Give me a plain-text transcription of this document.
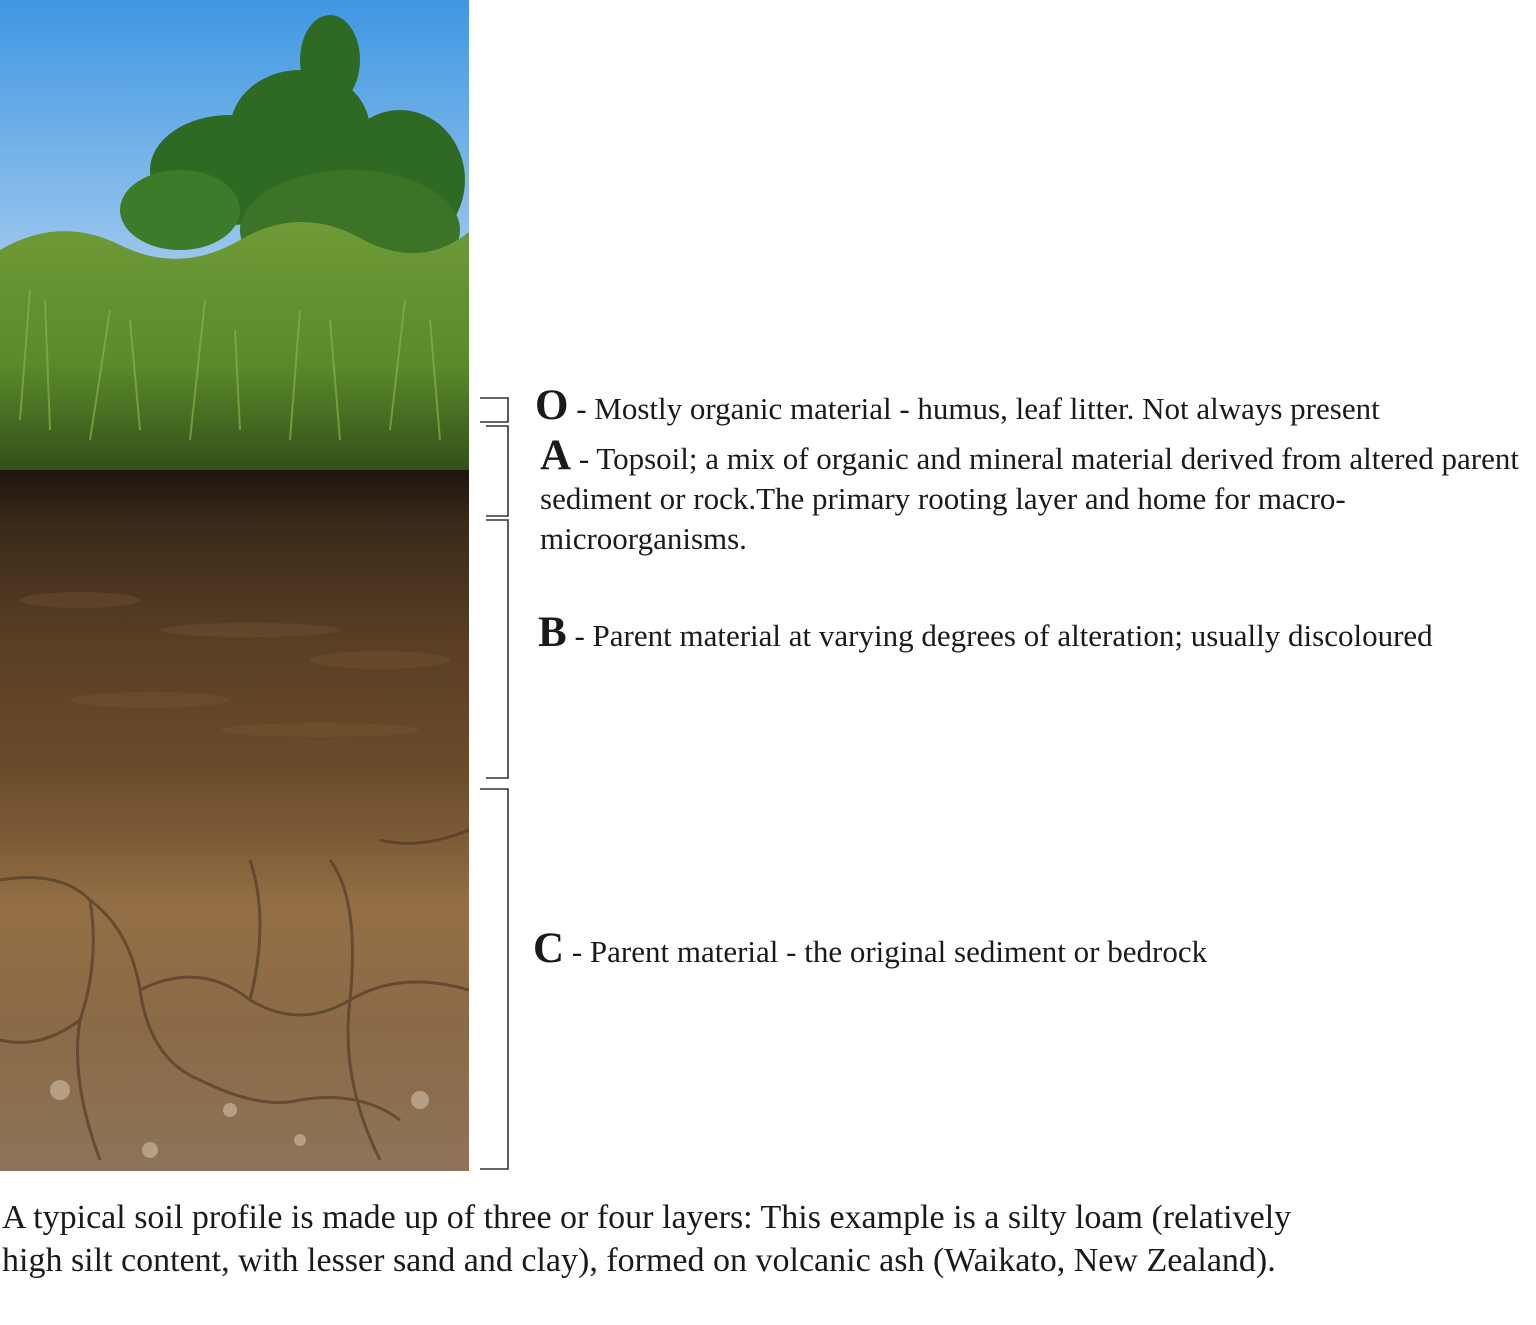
O - Mostly organic material - humus, leaf litter. Not always present
A - Topsoil; a mix of organic and mineral material derived from altered parent sediment or rock.The primary rooting layer and home for macro-microorganisms.
B - Parent material at varying degrees of alteration; usually discoloured
C - Parent material - the original sediment or bedrock
A typical soil profile is made up of three or four layers: This example is a silty loam (relatively high silt content, with lesser sand and clay), formed on volcanic ash (Waikato, New Zealand).
